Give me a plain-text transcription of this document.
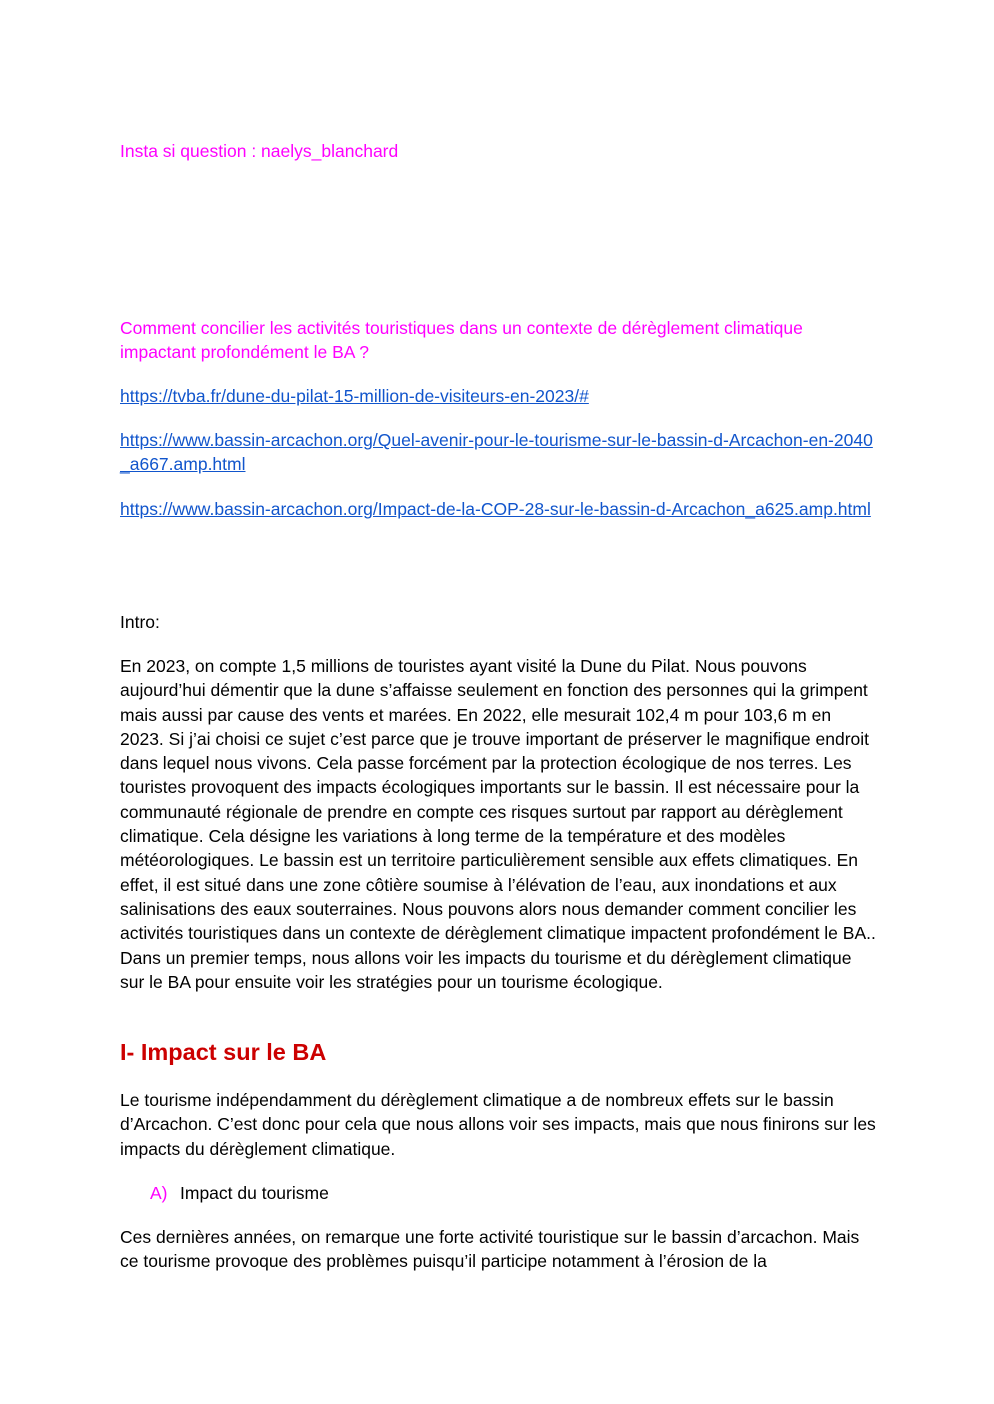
Insta si question : naelys_blanchard

Comment concilier les activités touristiques dans un contexte de dérèglement climatique impactant profondément le BA ?

https://tvba.fr/dune-du-pilat-15-million-de-visiteurs-en-2023/#
https://www.bassin-arcachon.org/Quel-avenir-pour-le-tourisme-sur-le-bassin-d-Arcachon-en-2040_a667.amp.html
https://www.bassin-arcachon.org/Impact-de-la-COP-28-sur-le-bassin-d-Arcachon_a625.amp.html

Intro:

En 2023, on compte 1,5 millions de touristes ayant visité la Dune du Pilat. Nous pouvons aujourd’hui démentir que la dune s’affaisse seulement en fonction des personnes qui la grimpent mais aussi par cause des vents et marées. En 2022, elle mesurait 102,4 m pour 103,6 m en 2023. Si j’ai choisi ce sujet c’est parce que je trouve important de préserver le magnifique endroit dans lequel nous vivons. Cela passe forcément par la protection écologique de nos terres. Les touristes provoquent des impacts écologiques importants sur le bassin. Il est nécessaire pour la communauté régionale de prendre en compte ces risques surtout par rapport au dérèglement climatique. Cela désigne les variations à long terme de la température et des modèles météorologiques. Le bassin est un territoire particulièrement sensible aux effets climatiques. En effet, il est situé dans une zone côtière soumise à l’élévation de l’eau, aux inondations et aux salinisations des eaux souterraines. Nous pouvons alors nous demander comment concilier les activités touristiques dans un contexte de dérèglement climatique impactent profondément le BA.. Dans un premier temps, nous allons voir les impacts du tourisme et du dérèglement climatique sur le BA pour ensuite voir les stratégies pour un tourisme écologique.

I- Impact sur le BA

Le tourisme indépendamment du dérèglement climatique a de nombreux effets sur le bassin d’Arcachon. C’est donc pour cela que nous allons voir ses impacts, mais que nous finirons sur les impacts du dérèglement climatique.

A) Impact du tourisme

Ces dernières années, on remarque une forte activité touristique sur le bassin d’arcachon. Mais ce tourisme provoque des problèmes puisqu’il participe notamment à l’érosion de la
